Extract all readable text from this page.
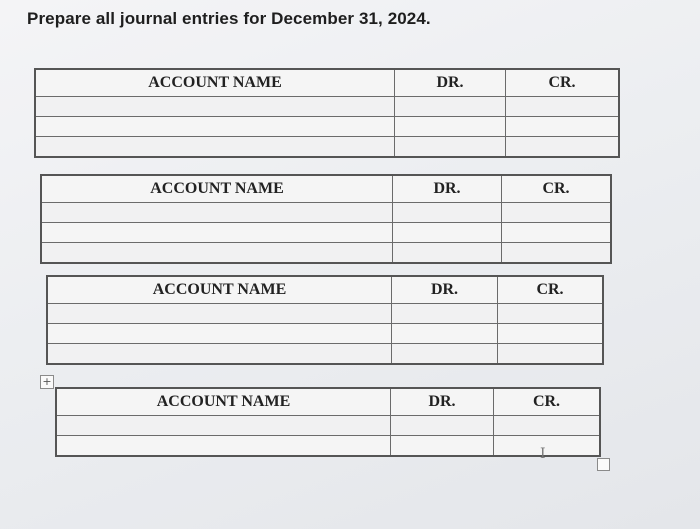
Prepare all journal entries for December 31, 2024.
ACCOUNT NAME	DR.	CR.

ACCOUNT NAME	DR.	CR.

ACCOUNT NAME	DR.	CR.

ACCOUNT NAME	DR.	CR.

+
I
